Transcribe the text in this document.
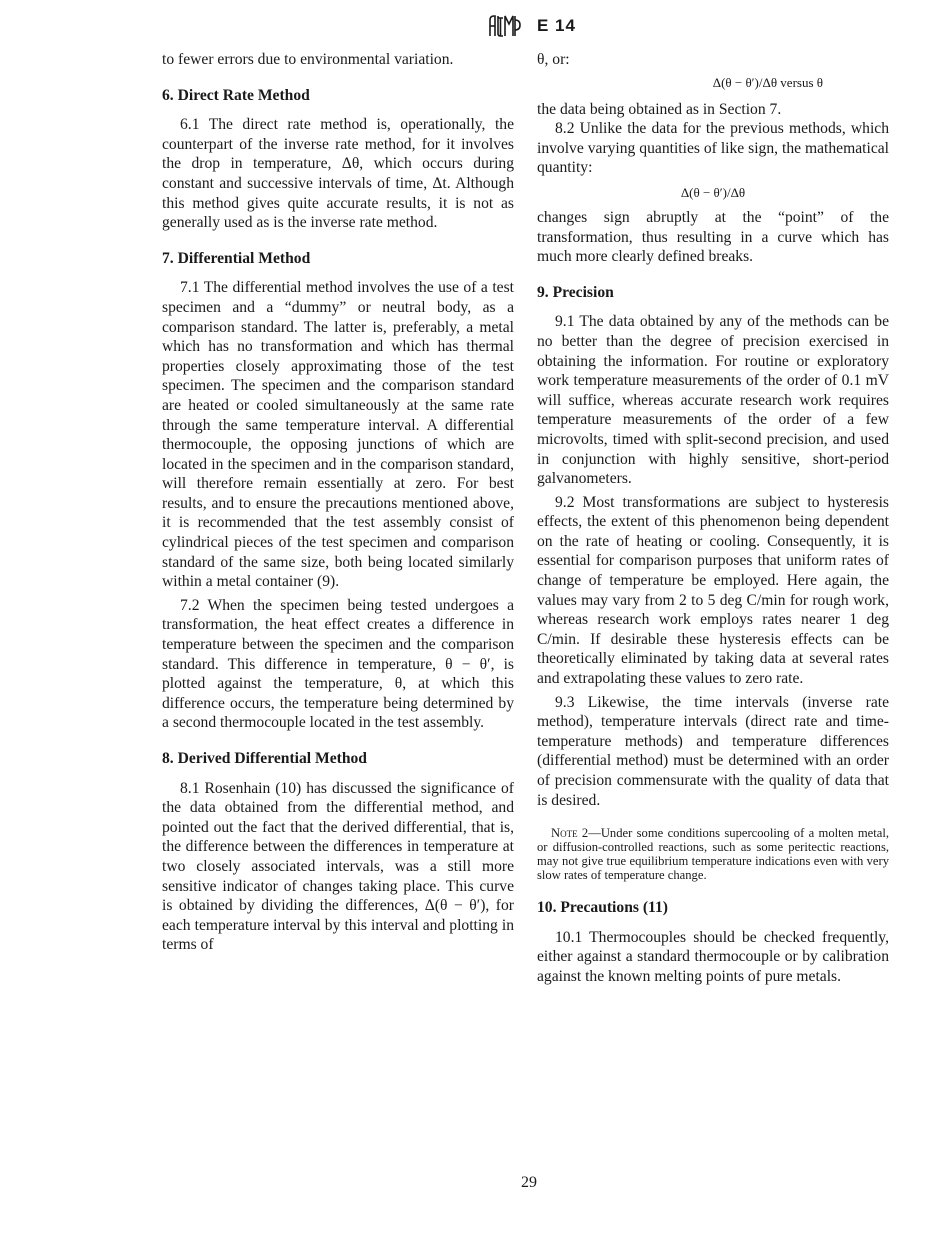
E 14

to fewer errors due to environmental variation.

6. Direct Rate Method

6.1 The direct rate method is, operationally, the counterpart of the inverse rate method, for it involves the drop in temperature, Δθ, which occurs during constant and successive intervals of time, Δt. Although this method gives quite accurate results, it is not as generally used as is the inverse rate method.

7. Differential Method

7.1 The differential method involves the use of a test specimen and a “dummy” or neutral body, as a comparison standard. The latter is, preferably, a metal which has no transformation and which has thermal properties closely approximating those of the test specimen. The specimen and the comparison standard are heated or cooled simultaneously at the same rate through the same temperature interval. A differential thermocouple, the opposing junctions of which are located in the specimen and in the comparison standard, will therefore remain essentially at zero. For best results, and to ensure the precautions mentioned above, it is recommended that the test assembly consist of cylindrical pieces of the test specimen and comparison standard of the same size, both being located similarly within a metal container (9).

7.2 When the specimen being tested undergoes a transformation, the heat effect creates a difference in temperature between the specimen and the comparison standard. This difference in temperature, θ − θ′, is plotted against the temperature, θ, at which this difference occurs, the temperature being determined by a second thermocouple located in the test assembly.

8. Derived Differential Method

8.1 Rosenhain (10) has discussed the significance of the data obtained from the differential method, and pointed out the fact that the derived differential, that is, the difference between the differences in temperature at two closely associated intervals, was a still more sensitive indicator of changes taking place. This curve is obtained by dividing the differences, Δ(θ − θ′), for each temperature interval by this interval and plotting in terms of

θ, or:

Δ(θ − θ′)/Δθ versus θ

the data being obtained as in Section 7.

8.2 Unlike the data for the previous methods, which involve varying quantities of like sign, the mathematical quantity:

Δ(θ − θ′)/Δθ

changes sign abruptly at the “point” of the transformation, thus resulting in a curve which has much more clearly defined breaks.

9. Precision

9.1 The data obtained by any of the methods can be no better than the degree of precision exercised in obtaining the information. For routine or exploratory work temperature measurements of the order of 0.1 mV will suffice, whereas accurate research work requires temperature measurements of the order of a few microvolts, timed with split-second precision, and used in conjunction with highly sensitive, short-period galvanometers.

9.2 Most transformations are subject to hysteresis effects, the extent of this phenomenon being dependent on the rate of heating or cooling. Consequently, it is essential for comparison purposes that uniform rates of change of temperature be employed. Here again, the values may vary from 2 to 5 deg C/min for rough work, whereas research work employs rates nearer 1 deg C/min. If desirable these hysteresis effects can be theoretically eliminated by taking data at several rates and extrapolating these values to zero rate.

9.3 Likewise, the time intervals (inverse rate method), temperature intervals (direct rate and time-temperature methods) and temperature differences (differential method) must be determined with an order of precision commensurate with the quality of data that is desired.

Note 2—Under some conditions supercooling of a molten metal, or diffusion-controlled reactions, such as some peritectic reactions, may not give true equilibrium temperature indications even with very slow rates of temperature change.

10. Precautions (11)

10.1 Thermocouples should be checked frequently, either against a standard thermocouple or by calibration against the known melting points of pure metals.

29
